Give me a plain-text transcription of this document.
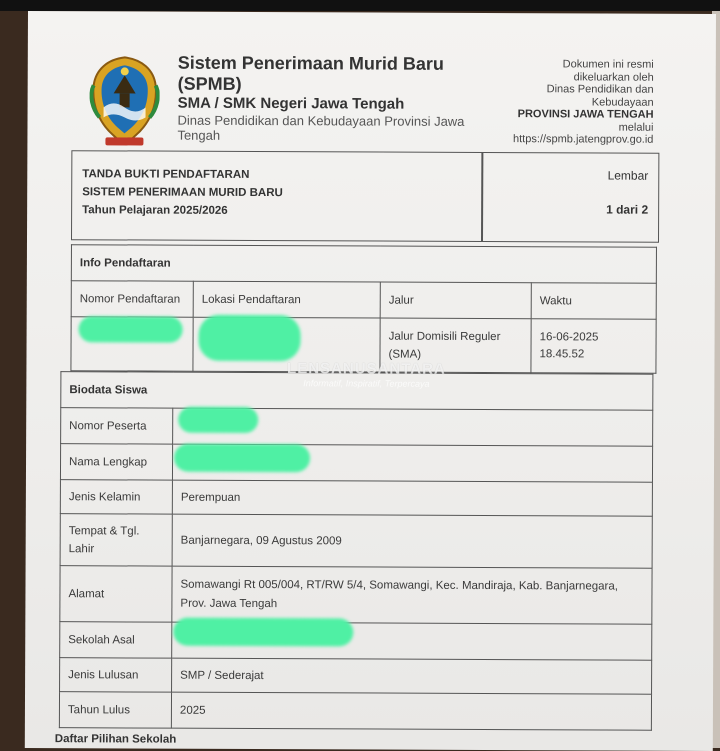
Sistem Penerimaan Murid Baru
(SPMB)
SMA / SMK Negeri Jawa Tengah
Dinas Pendidikan dan Kebudayaan Provinsi Jawa Tengah
Dokumen ini resmi
dikeluarkan oleh
Dinas Pendidikan dan
Kebudayaan
PROVINSI JAWA TENGAH
melalui
https://spmb.jatengprov.go.id
TANDA BUKTI PENDAFTARAN
SISTEM PENERIMAAN MURID BARU
Tahun Pelajaran 2025/2026
Lembar
1 dari 2
Info Pendaftaran			
Nomor Pendaftaran	Lokasi Pendaftaran	Jalur	Waktu
		Jalur Domisili Reguler (SMA)	16-06-2025
18.45.52
Biodata Siswa	
Nomor Peserta	
Nama Lengkap	
Jenis Kelamin	Perempuan
Tempat & Tgl. Lahir	Banjarnegara, 09 Agustus 2009
Alamat	Somawangi Rt 005/004, RT/RW 5/4, Somawangi, Kec. Mandiraja, Kab. Banjarnegara, Prov. Jawa Tengah
Sekolah Asal	
Jenis Lulusan	SMP / Sederajat
Tahun Lulus	2025
LENSANUSANTARA
Informatif, Inspiratif, Terpercaya
Daftar Pilihan Sekolah
